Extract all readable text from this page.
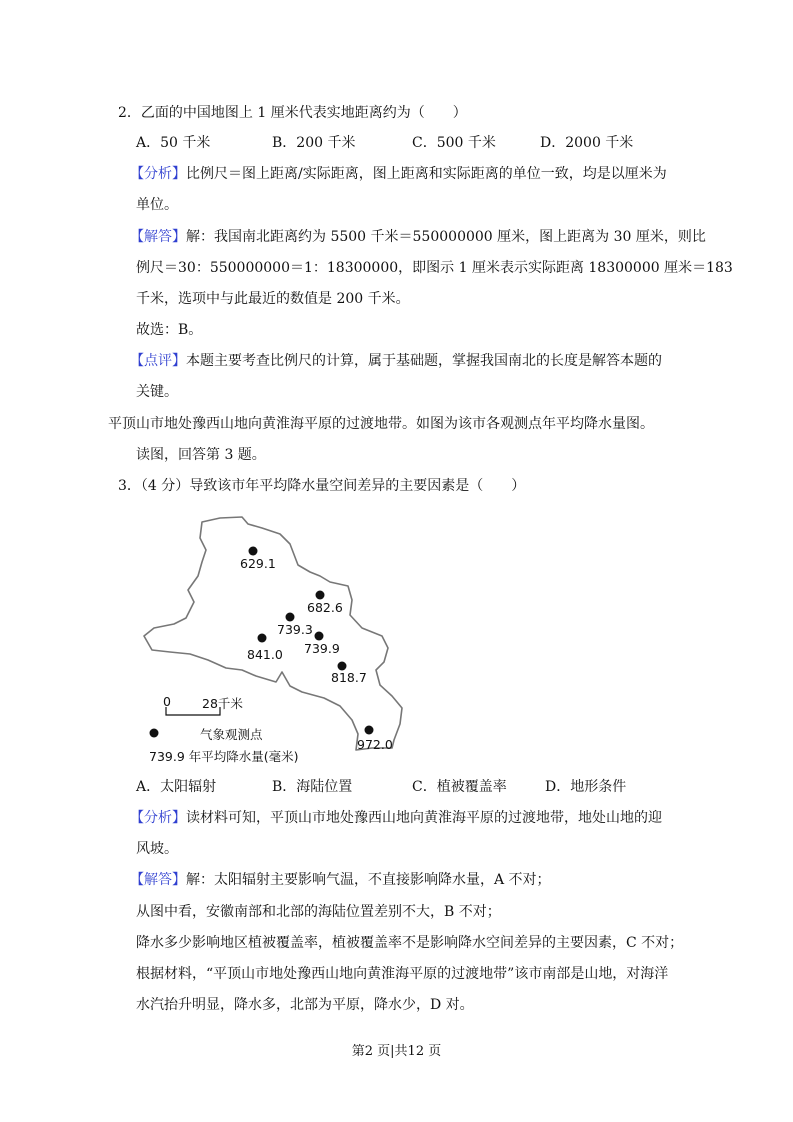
2．乙面的中国地图上 1 厘米代表实地距离约为（　　）
A．50 千米	B．200 千米	C．500 千米	D．2000 千米
【分析】比例尺＝图上距离/实际距离，图上距离和实际距离的单位一致，均是以厘米为
单位。
【解答】解：我国南北距离约为 5500 千米＝550000000 厘米，图上距离为 30 厘米，则比
例尺＝30：550000000＝1：18300000，即图示 1 厘米表示实际距离 18300000 厘米＝183
千米，选项中与此最近的数值是 200 千米。
故选：B。
【点评】本题主要考查比例尺的计算，属于基础题，掌握我国南北的长度是解答本题的
关键。
平顶山市地处豫西山地向黄淮海平原的过渡地带。如图为该市各观测点年平均降水量图。
读图，回答第 3 题。
3．（4 分）导致该市年平均降水量空间差异的主要因素是（　　）
629.1
682.6
739.3
841.0 739.9
818.7
972.0
0 28千米
气象观测点
739.9 年平均降水量(毫米)
A．太阳辐射	B．海陆位置	C．植被覆盖率	D．地形条件
【分析】读材料可知，平顶山市地处豫西山地向黄淮海平原的过渡地带，地处山地的迎
风坡。
【解答】解：太阳辐射主要影响气温，不直接影响降水量，A 不对；
从图中看，安徽南部和北部的海陆位置差别不大，B 不对；
降水多少影响地区植被覆盖率，植被覆盖率不是影响降水空间差异的主要因素，C 不对；
根据材料，“平顶山市地处豫西山地向黄淮海平原的过渡地带”该市南部是山地，对海洋
水汽抬升明显，降水多，北部为平原，降水少，D 对。
第2 页|共12 页
